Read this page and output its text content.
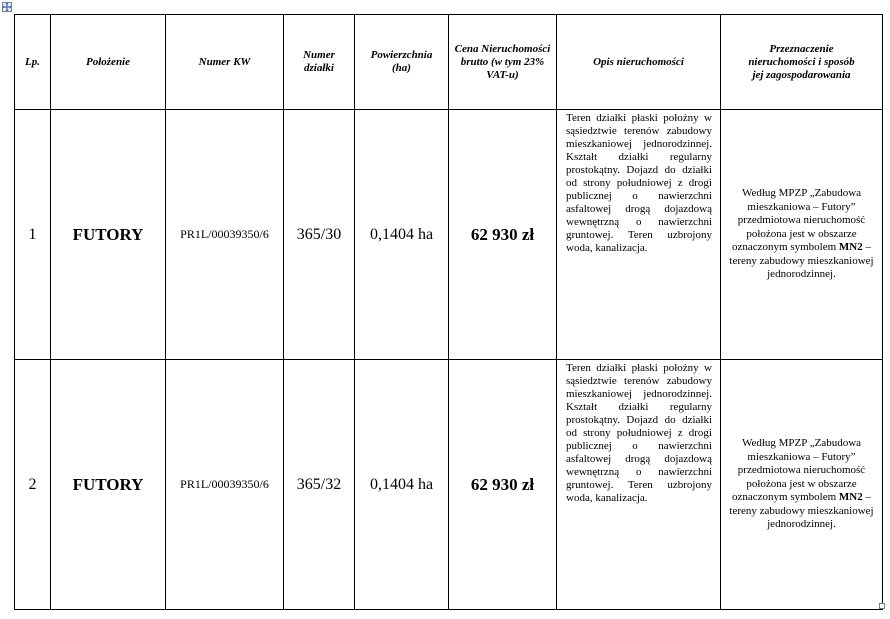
Lp.	Położenie	Numer KW	Numer działki	Powierzchnia (ha)	Cena Nieruchomości brutto (w tym 23% VAT-u)	Opis nieruchomości	Przeznaczenie nieruchomości i sposób jej zagospodarowania
1	FUTORY	PR1L/00039350/6	365/30	0,1404 ha	62 930 zł	Teren działki płaski położny w sąsiedztwie terenów zabudowy mieszkaniowej jednorodzinnej. Kształt działki regularny prostokątny. Dojazd do działki od strony południowej z drogi publicznej o nawierzchni asfaltowej drogą dojazdową wewnętrzną o nawierzchni gruntowej. Teren uzbrojony woda, kanalizacja.	Według MPZP „Zabudowa mieszkaniowa – Futory” przedmiotowa nieruchomość położona jest w obszarze oznaczonym symbolem MN2 – tereny zabudowy mieszkaniowej jednorodzinnej.
2	FUTORY	PR1L/00039350/6	365/32	0,1404 ha	62 930 zł	Teren działki płaski położny w sąsiedztwie terenów zabudowy mieszkaniowej jednorodzinnej. Kształt działki regularny prostokątny. Dojazd do działki od strony południowej z drogi publicznej o nawierzchni asfaltowej drogą dojazdową wewnętrzną o nawierzchni gruntowej. Teren uzbrojony woda, kanalizacja.	Według MPZP „Zabudowa mieszkaniowa – Futory” przedmiotowa nieruchomość położona jest w obszarze oznaczonym symbolem MN2 – tereny zabudowy mieszkaniowej jednorodzinnej.
